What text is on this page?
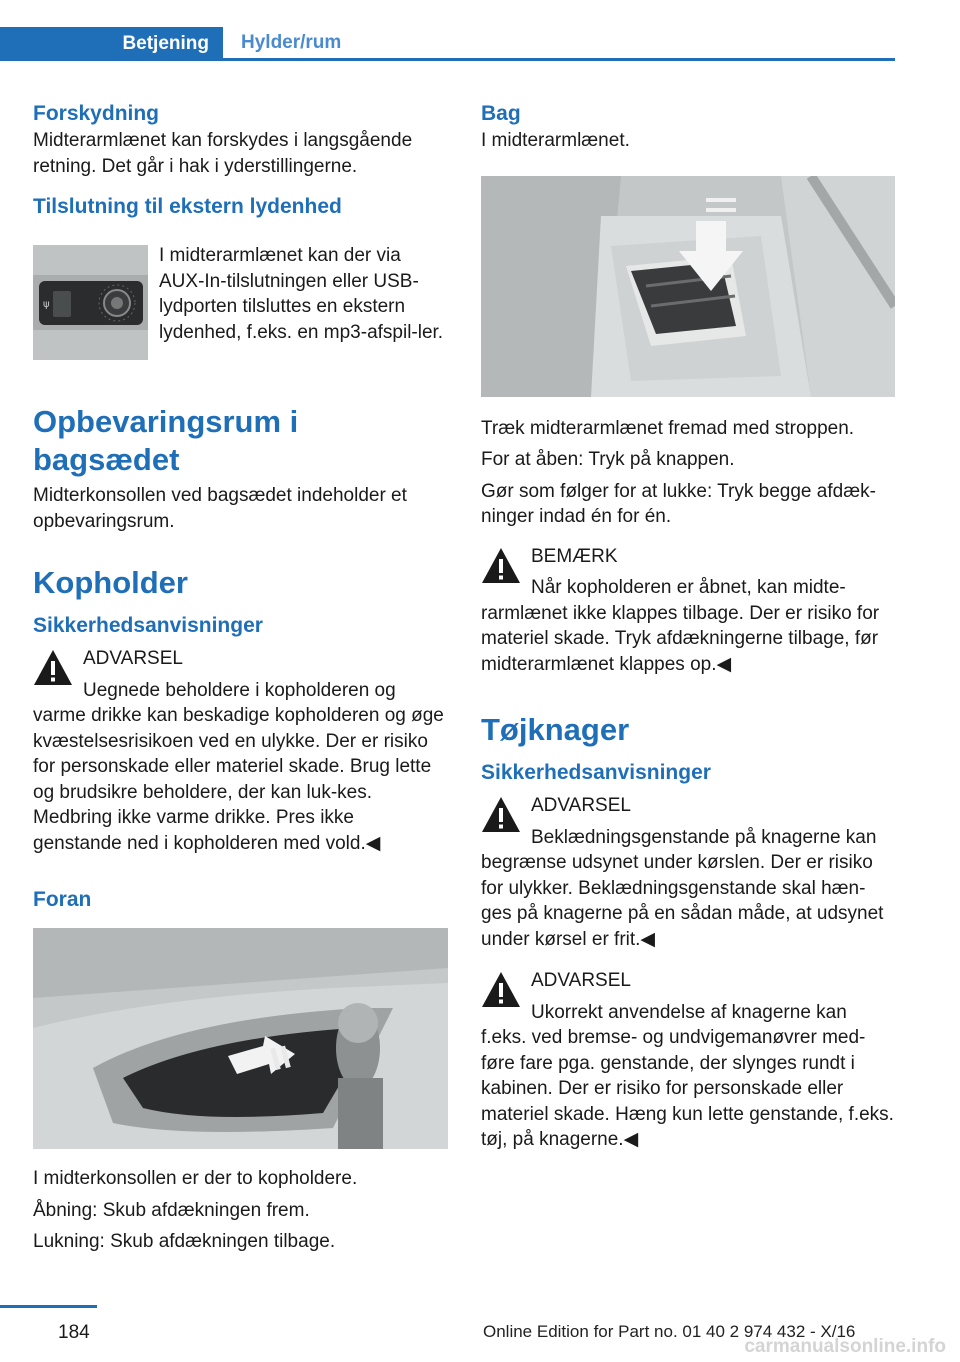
Betjening Hylder/rum

Forskydning

Midterarmlænet kan forskydes i langsgående retning. Det går i hak i yderstillingerne.

Tilslutning til ekstern lydenhed

ψ

I midterarmlænet kan der via AUX-In-tilslutningen eller USB-lydporten tilsluttes en ekstern lydenhed, f.eks. en mp3-afspil‐ler.

Opbevaringsrum i bagsædet

Midterkonsollen ved bagsædet indeholder et opbevaringsrum.

Kopholder

Sikkerhedsanvisninger

ADVARSEL

Uegnede beholdere i kopholderen og varme drikke kan beskadige kopholderen og øge kvæstelsesrisikoen ved en ulykke. Der er risiko for personskade eller materiel skade. Brug lette og brudsikre beholdere, der kan luk‐kes. Medbring ikke varme drikke. Pres ikke genstande ned i kopholderen med vold.◀

Foran

I midterkonsollen er der to kopholdere.

Åbning: Skub afdækningen frem.

Lukning: Skub afdækningen tilbage.

Bag

I midterarmlænet.

Træk midterarmlænet fremad med stroppen.

For at åben: Tryk på knappen.

Gør som følger for at lukke: Tryk begge afdæk‐ninger indad én for én.

BEMÆRK

Når kopholderen er åbnet, kan midte‐rarmlænet ikke klappes tilbage. Der er risiko for materiel skade. Tryk afdækningerne tilbage, før midterarmlænet klappes op.◀

Tøjknager

Sikkerhedsanvisninger

ADVARSEL

Beklædningsgenstande på knagerne kan begrænse udsynet under kørslen. Der er risiko for ulykker. Beklædningsgenstande skal hæn‐ges på knagerne på en sådan måde, at udsynet under kørsel er frit.◀

ADVARSEL

Ukorrekt anvendelse af knagerne kan f.eks. ved bremse- og undvigemanøvrer med‐føre fare pga. genstande, der slynges rundt i kabinen. Der er risiko for personskade eller materiel skade. Hæng kun lette genstande, f.eks. tøj, på knagerne.◀

184	Online Edition for Part no. 01 40 2 974 432 - X/16
carmanualsonline.info
